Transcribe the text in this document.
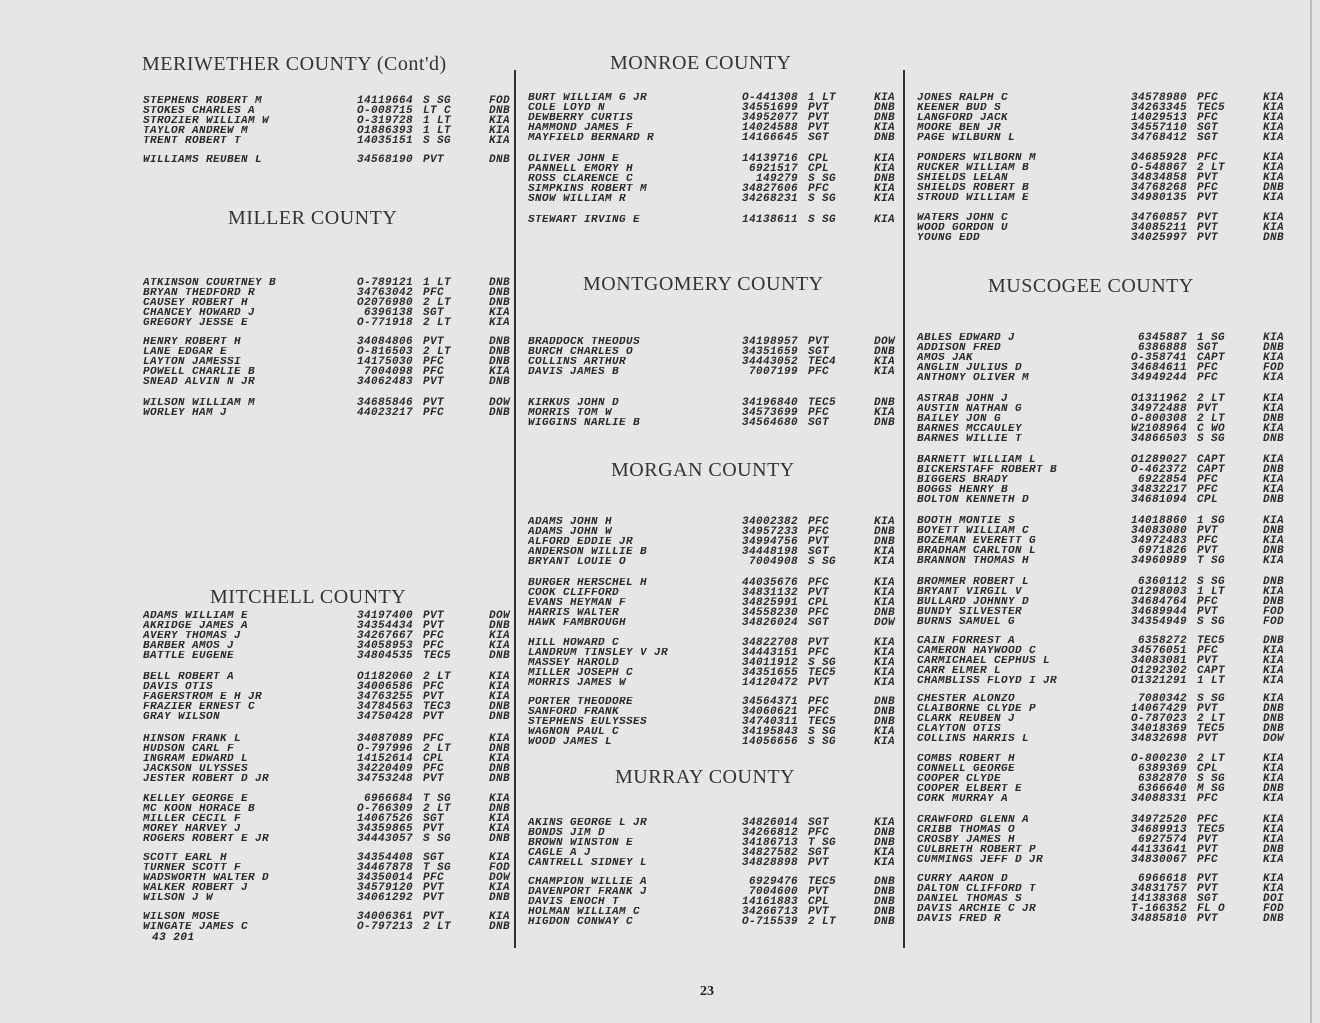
MERIWETHER COUNTY (Cont'd)
MILLER COUNTY
MITCHELL COUNTY
MONROE COUNTY
MONTGOMERY COUNTY
MORGAN COUNTY
MURRAY COUNTY
MUSCOGEE COUNTY
STEPHENS ROBERT M	14119664 S SG	FOD
STOKES CHARLES A	O-008715 LT C	DNB
STROZIER WILLIAM W	O-319728 1 LT	KIA
TAYLOR ANDREW M	O1886393 1 LT	KIA
TRENT ROBERT T	14035151 S SG	KIA
WILLIAMS REUBEN L	34568190 PVT	DNB
ATKINSON COURTNEY B	O-789121 1 LT	DNB
BRYAN THEDFORD R	34763042 PFC	DNB
CAUSEY ROBERT H	O2076980 2 LT	DNB
CHANCEY HOWARD J	6396138 SGT	KIA
GREGORY JESSE E	O-771918 2 LT	KIA
HENRY ROBERT H	34084806 PVT	DNB
LANE EDGAR E	O-816503 2 LT	DNB
LAYTON JAMESSI	14175030 PFC	DNB
POWELL CHARLIE B	7004098 PFC	KIA
SNEAD ALVIN N JR	34062483 PVT	DNB
WILSON WILLIAM M	34685846 PVT	DOW
WORLEY HAM J	44023217 PFC	DNB
ADAMS WILLIAM E	34197400 PVT	DOW
AKRIDGE JAMES A	34354434 PVT	DNB
AVERY THOMAS J	34267667 PFC	KIA
BARBER AMOS J	34058953 PFC	KIA
BATTLE EUGENE	34804535 TEC5	DNB
BELL ROBERT A	O1182060 2 LT	KIA
DAVIS OTIS	34006586 PFC	KIA
FAGERSTROM E H JR	34763255 PVT	KIA
FRAZIER ERNEST C	34784563 TEC3	DNB
GRAY WILSON	34750428 PVT	DNB
HINSON FRANK L	34087089 PFC	KIA
HUDSON CARL F	O-797996 2 LT	DNB
INGRAM EDWARD L	14152614 CPL	KIA
JACKSON ULYSSES	34220409 PFC	DNB
JESTER ROBERT D JR	34753248 PVT	DNB
KELLEY GEORGE E	6966684 T SG	KIA
MC KOON HORACE B	O-766309 2 LT	DNB
MILLER CECIL F	14067526 SGT	KIA
MOREY HARVEY J	34359865 PVT	KIA
ROGERS ROBERT E JR	34443057 S SG	DNB
SCOTT EARL H	34354408 SGT	KIA
TURNER SCOTT F	34467878 T SG	FOD
WADSWORTH WALTER D	34350014 PFC	DOW
WALKER ROBERT J	34579120 PVT	KIA
WILSON J W	34061292 PVT	DNB
WILSON MOSE	34006361 PVT	KIA
WINGATE JAMES C	O-797213 2 LT	DNB
BURT WILLIAM G JR	O-441308 1 LT	KIA
COLE LOYD N	34551699 PVT	DNB
DEWBERRY CURTIS	34952077 PVT	DNB
HAMMOND JAMES F	14024588 PVT	KIA
MAYFIELD BERNARD R	14166645 SGT	DNB
OLIVER JOHN E	14139716 CPL	KIA
PANNELL EMORY H	6921517 CPL	KIA
ROSS CLARENCE C	149279 S SG	DNB
SIMPKINS ROBERT M	34827606 PFC	KIA
SNOW WILLIAM R	34268231 S SG	KIA
STEWART IRVING E	14138611 S SG	KIA
BRADDOCK THEODUS	34198957 PVT	DOW
BURCH CHARLES O	34351659 SGT	DNB
COLLINS ARTHUR	34443052 TEC4	KIA
DAVIS JAMES B	7007199 PFC	KIA
KIRKUS JOHN D	34196840 TEC5	DNB
MORRIS TOM W	34573699 PFC	KIA
WIGGINS NARLIE B	34564680 SGT	DNB
ADAMS JOHN H	34002382 PFC	KIA
ADAMS JOHN W	34957233 PFC	DNB
ALFORD EDDIE JR	34994756 PVT	DNB
ANDERSON WILLIE B	34448198 SGT	KIA
BRYANT LOUIE O	7004908 S SG	KIA
BURGER HERSCHEL H	44035676 PFC	KIA
COOK CLIFFORD	34831132 PVT	KIA
EVANS HEYMAN F	34825991 CPL	KIA
HARRIS WALTER	34558230 PFC	DNB
HAWK FAMBROUGH	34826024 SGT	DOW
HILL HOWARD C	34822708 PVT	KIA
LANDRUM TINSLEY V JR	34443151 PFC	KIA
MASSEY HAROLD	34011912 S SG	KIA
MILLER JOSEPH C	34351655 TEC5	KIA
MORRIS JAMES W	14120472 PVT	KIA
PORTER THEODORE	34564371 PFC	DNB
SANFORD FRANK	34060621 PFC	DNB
STEPHENS EULYSSES	34740311 TEC5	DNB
WAGNON PAUL C	34195843 S SG	KIA
WOOD JAMES L	14056656 S SG	KIA
AKINS GEORGE L JR	34826014 SGT	KIA
BONDS JIM D	34266812 PFC	DNB
BROWN WINSTON E	34186713 T SG	DNB
CAGLE A J	34827582 SGT	KIA
CANTRELL SIDNEY L	34828898 PVT	KIA
CHAMPION WILLIE A	6929476 TEC5	DNB
DAVENPORT FRANK J	7004600 PVT	DNB
DAVIS ENOCH T	14161883 CPL	DNB
HOLMAN WILLIAM C	34266713 PVT	DNB
HIGDON CONWAY C	O-715539 2 LT	DNB
JONES RALPH C	34578980 PFC	KIA
KEENER BUD S	34263345 TEC5	KIA
LANGFORD JACK	14029513 PFC	KIA
MOORE BEN JR	34557110 SGT	KIA
PAGE WILBURN L	34768412 SGT	KIA
PONDERS WILBORN M	34685928 PFC	KIA
RUCKER WILLIAM B	O-548867 2 LT	KIA
SHIELDS LELAN	34834858 PVT	KIA
SHIELDS ROBERT B	34768268 PFC	DNB
STROUD WILLIAM E	34980135 PVT	KIA
WATERS JOHN C	34760857 PVT	KIA
WOOD GORDON U	34085211 PVT	KIA
YOUNG EDD	34025997 PVT	DNB
ABLES EDWARD J	6345887 1 SG	KIA
ADDISON FRED	6386888 SGT	DNB
AMOS JAK	O-358741 CAPT	KIA
ANGLIN JULIUS D	34684611 PFC	FOD
ANTHONY OLIVER M	34949244 PFC	KIA
ASTRAB JOHN J	O1311962 2 LT	KIA
AUSTIN NATHAN G	34972488 PVT	KIA
BAILEY JON G	O-800308 2 LT	DNB
BARNES MCCAULEY	W2108964 C WO	KIA
BARNES WILLIE T	34866503 S SG	DNB
BARNETT WILLIAM L	O1289027 CAPT	KIA
BICKERSTAFF ROBERT B	O-462372 CAPT	DNB
BIGGERS BRADY	6922854 PFC	KIA
BOGGS HENRY B	34832217 PFC	KIA
BOLTON KENNETH D	34681094 CPL	DNB
BOOTH MONTIE S	14018860 1 SG	KIA
BOYETT WILLIAM C	34083080 PVT	DNB
BOZEMAN EVERETT G	34972483 PFC	KIA
BRADHAM CARLTON L	6971826 PVT	DNB
BRANNON THOMAS H	34960989 T SG	KIA
BROMMER ROBERT L	6360112 S SG	DNB
BRYANT VIRGIL V	O1298003 1 LT	KIA
BULLARD JOHNNY D	34684764 PFC	DNB
BUNDY SILVESTER	34689944 PVT	FOD
BURNS SAMUEL G	34354949 S SG	FOD
CAIN FORREST A	6358272 TEC5	DNB
CAMERON HAYWOOD C	34576051 PFC	KIA
CARMICHAEL CEPHUS L	34083081 PVT	KIA
CARR ELMER L	O1292302 CAPT	KIA
CHAMBLISS FLOYD I JR	O1321291 1 LT	KIA
CHESTER ALONZO	7080342 S SG	KIA
CLAIBORNE CLYDE P	14067429 PVT	DNB
CLARK REUBEN J	O-787023 2 LT	DNB
CLAYTON OTIS	34018369 TEC5	DNB
COLLINS HARRIS L	34832698 PVT	DOW
COMBS ROBERT H	O-800230 2 LT	KIA
CONNELL GEORGE	6389369 CPL	KIA
COOPER CLYDE	6382870 S SG	KIA
COOPER ELBERT E	6366640 M SG	DNB
CORK MURRAY A	34088331 PFC	KIA
CRAWFORD GLENN A	34972520 PFC	KIA
CRIBB THOMAS O	34689913 TEC5	KIA
CROSBY JAMES H	6927574 PVT	KIA
CULBRETH ROBERT P	44133641 PVT	DNB
CUMMINGS JEFF D JR	34830067 PFC	KIA
CURRY AARON D	6966618 PVT	KIA
DALTON CLIFFORD T	34831757 PVT	KIA
DANIEL THOMAS S	14138368 SGT	DOI
DAVIS ARCHIE C JR	T-166352 FL O	FOD
DAVIS FRED R	34885810 PVT	DNB
43 201
23
